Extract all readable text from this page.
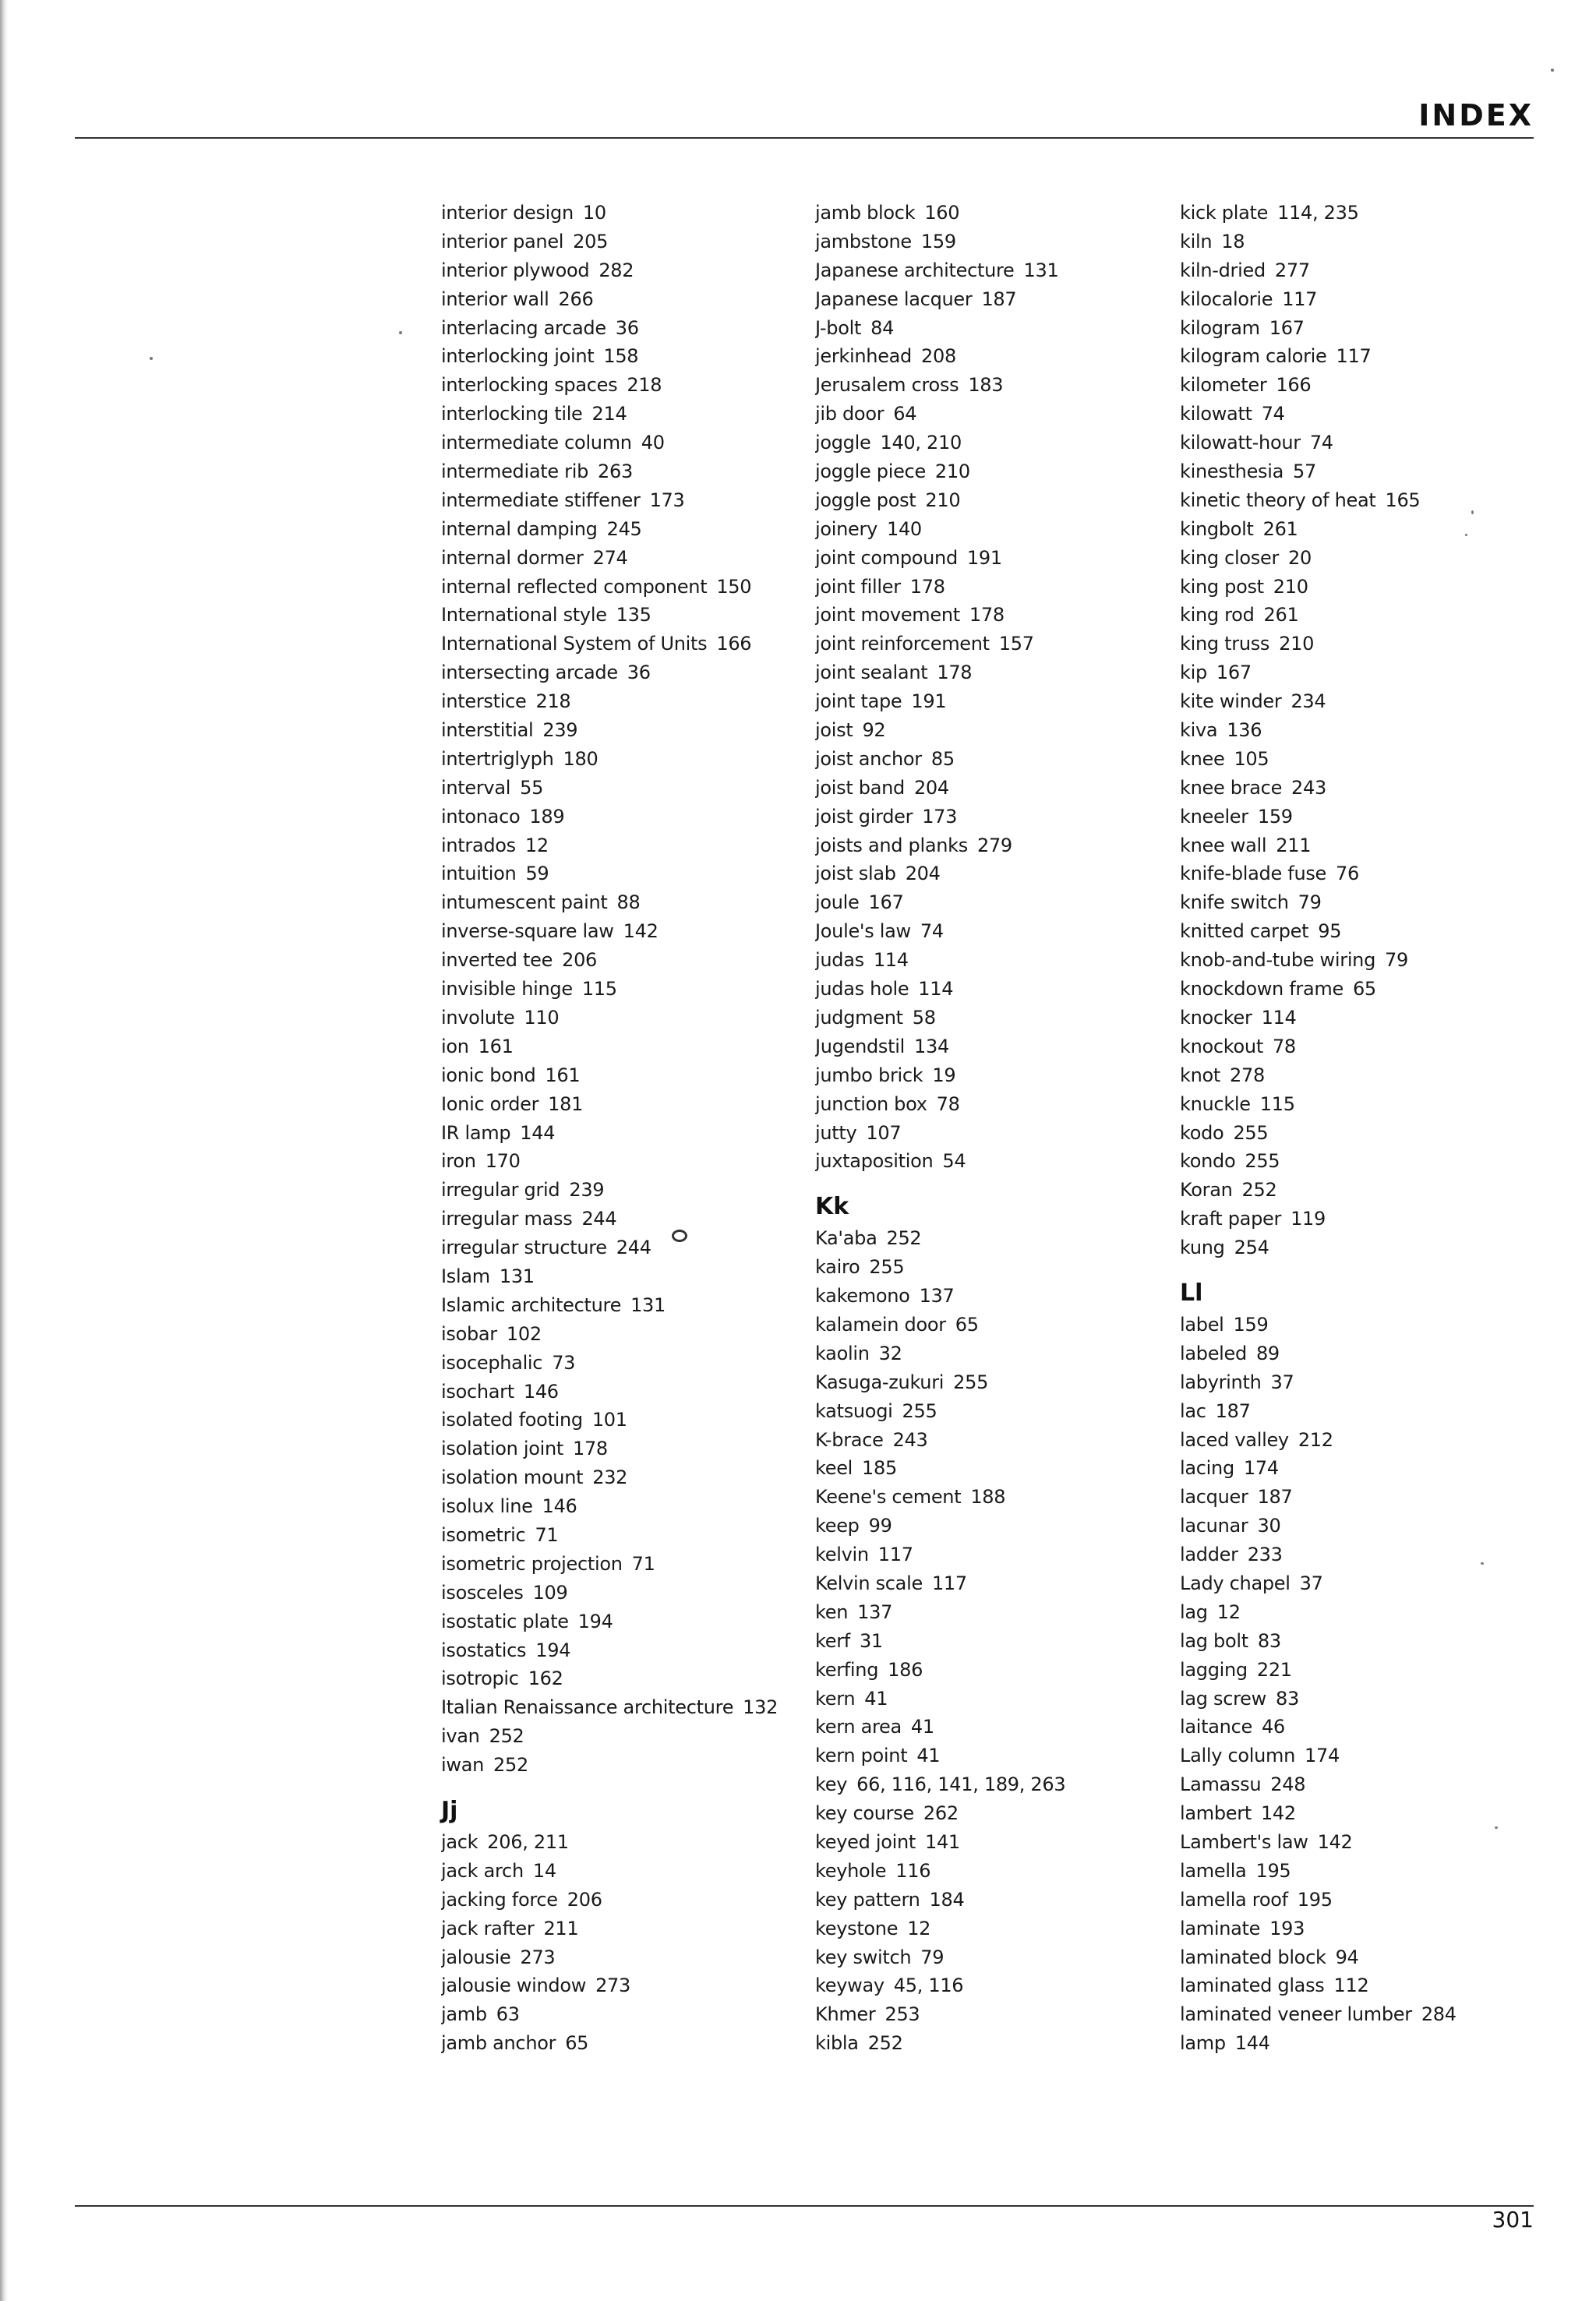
INDEX
interior design 10
interior panel 205
interior plywood 282
interior wall 266
interlacing arcade 36
interlocking joint 158
interlocking spaces 218
interlocking tile 214
intermediate column 40
intermediate rib 263
intermediate stiffener 173
internal damping 245
internal dormer 274
internal reflected component 150
International style 135
International System of Units 166
intersecting arcade 36
interstice 218
interstitial 239
intertriglyph 180
interval 55
intonaco 189
intrados 12
intuition 59
intumescent paint 88
inverse-square law 142
inverted tee 206
invisible hinge 115
involute 110
ion 161
ionic bond 161
Ionic order 181
IR lamp 144
iron 170
irregular grid 239
irregular mass 244
irregular structure 244
Islam 131
Islamic architecture 131
isobar 102
isocephalic 73
isochart 146
isolated footing 101
isolation joint 178
isolation mount 232
isolux line 146
isometric 71
isometric projection 71
isosceles 109
isostatic plate 194
isostatics 194
isotropic 162
Italian Renaissance architecture 132
ivan 252
iwan 252
Jj
jack 206, 211
jack arch 14
jacking force 206
jack rafter 211
jalousie 273
jalousie window 273
jamb 63
jamb anchor 65
jamb block 160
jambstone 159
Japanese architecture 131
Japanese lacquer 187
J-bolt 84
jerkinhead 208
Jerusalem cross 183
jib door 64
joggle 140, 210
joggle piece 210
joggle post 210
joinery 140
joint compound 191
joint filler 178
joint movement 178
joint reinforcement 157
joint sealant 178
joint tape 191
joist 92
joist anchor 85
joist band 204
joist girder 173
joists and planks 279
joist slab 204
joule 167
Joule's law 74
judas 114
judas hole 114
judgment 58
Jugendstil 134
jumbo brick 19
junction box 78
jutty 107
juxtaposition 54
Kk
Ka'aba 252
kairo 255
kakemono 137
kalamein door 65
kaolin 32
Kasuga-zukuri 255
katsuogi 255
K-brace 243
keel 185
Keene's cement 188
keep 99
kelvin 117
Kelvin scale 117
ken 137
kerf 31
kerfing 186
kern 41
kern area 41
kern point 41
key 66, 116, 141, 189, 263
key course 262
keyed joint 141
keyhole 116
key pattern 184
keystone 12
key switch 79
keyway 45, 116
Khmer 253
kibla 252
kick plate 114, 235
kiln 18
kiln-dried 277
kilocalorie 117
kilogram 167
kilogram calorie 117
kilometer 166
kilowatt 74
kilowatt-hour 74
kinesthesia 57
kinetic theory of heat 165
kingbolt 261
king closer 20
king post 210
king rod 261
king truss 210
kip 167
kite winder 234
kiva 136
knee 105
knee brace 243
kneeler 159
knee wall 211
knife-blade fuse 76
knife switch 79
knitted carpet 95
knob-and-tube wiring 79
knockdown frame 65
knocker 114
knockout 78
knot 278
knuckle 115
kodo 255
kondo 255
Koran 252
kraft paper 119
kung 254
Ll
label 159
labeled 89
labyrinth 37
lac 187
laced valley 212
lacing 174
lacquer 187
lacunar 30
ladder 233
Lady chapel 37
lag 12
lag bolt 83
lagging 221
lag screw 83
laitance 46
Lally column 174
Lamassu 248
lambert 142
Lambert's law 142
lamella 195
lamella roof 195
laminate 193
laminated block 94
laminated glass 112
laminated veneer lumber 284
lamp 144
301
